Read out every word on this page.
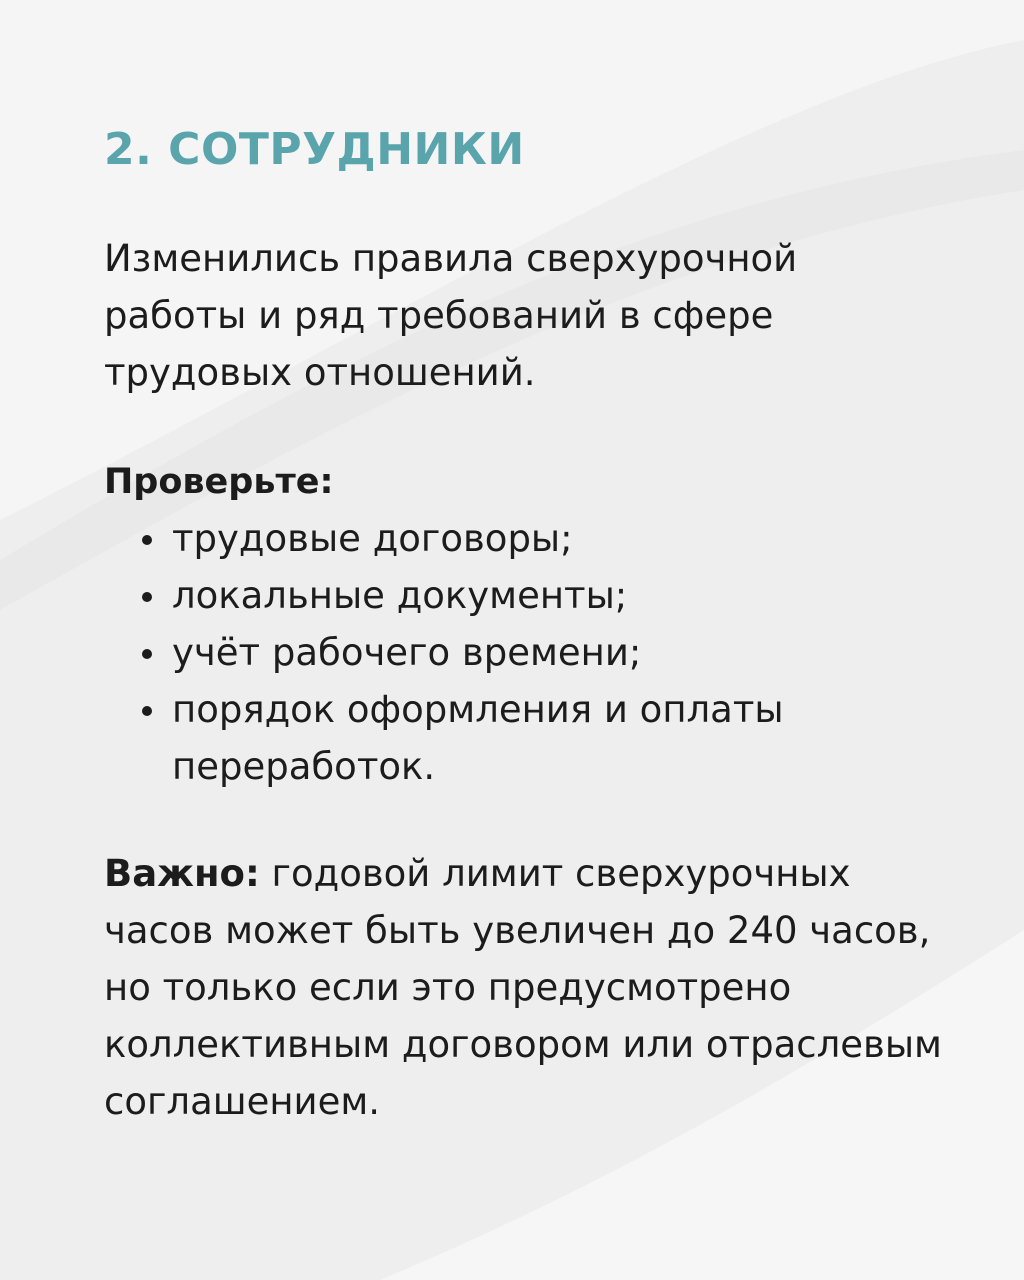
2. СОТРУДНИКИ

Изменились правила сверхурочной
работы и ряд требований в сфере
трудовых отношений.

Проверьте:

трудовые договоры;
локальные документы;
учёт рабочего времени;
порядок оформления и оплаты
переработок.

Важно: годовой лимит сверхурочных
часов может быть увеличен до 240 часов,
но только если это предусмотрено
коллективным договором или отраслевым
соглашением.
